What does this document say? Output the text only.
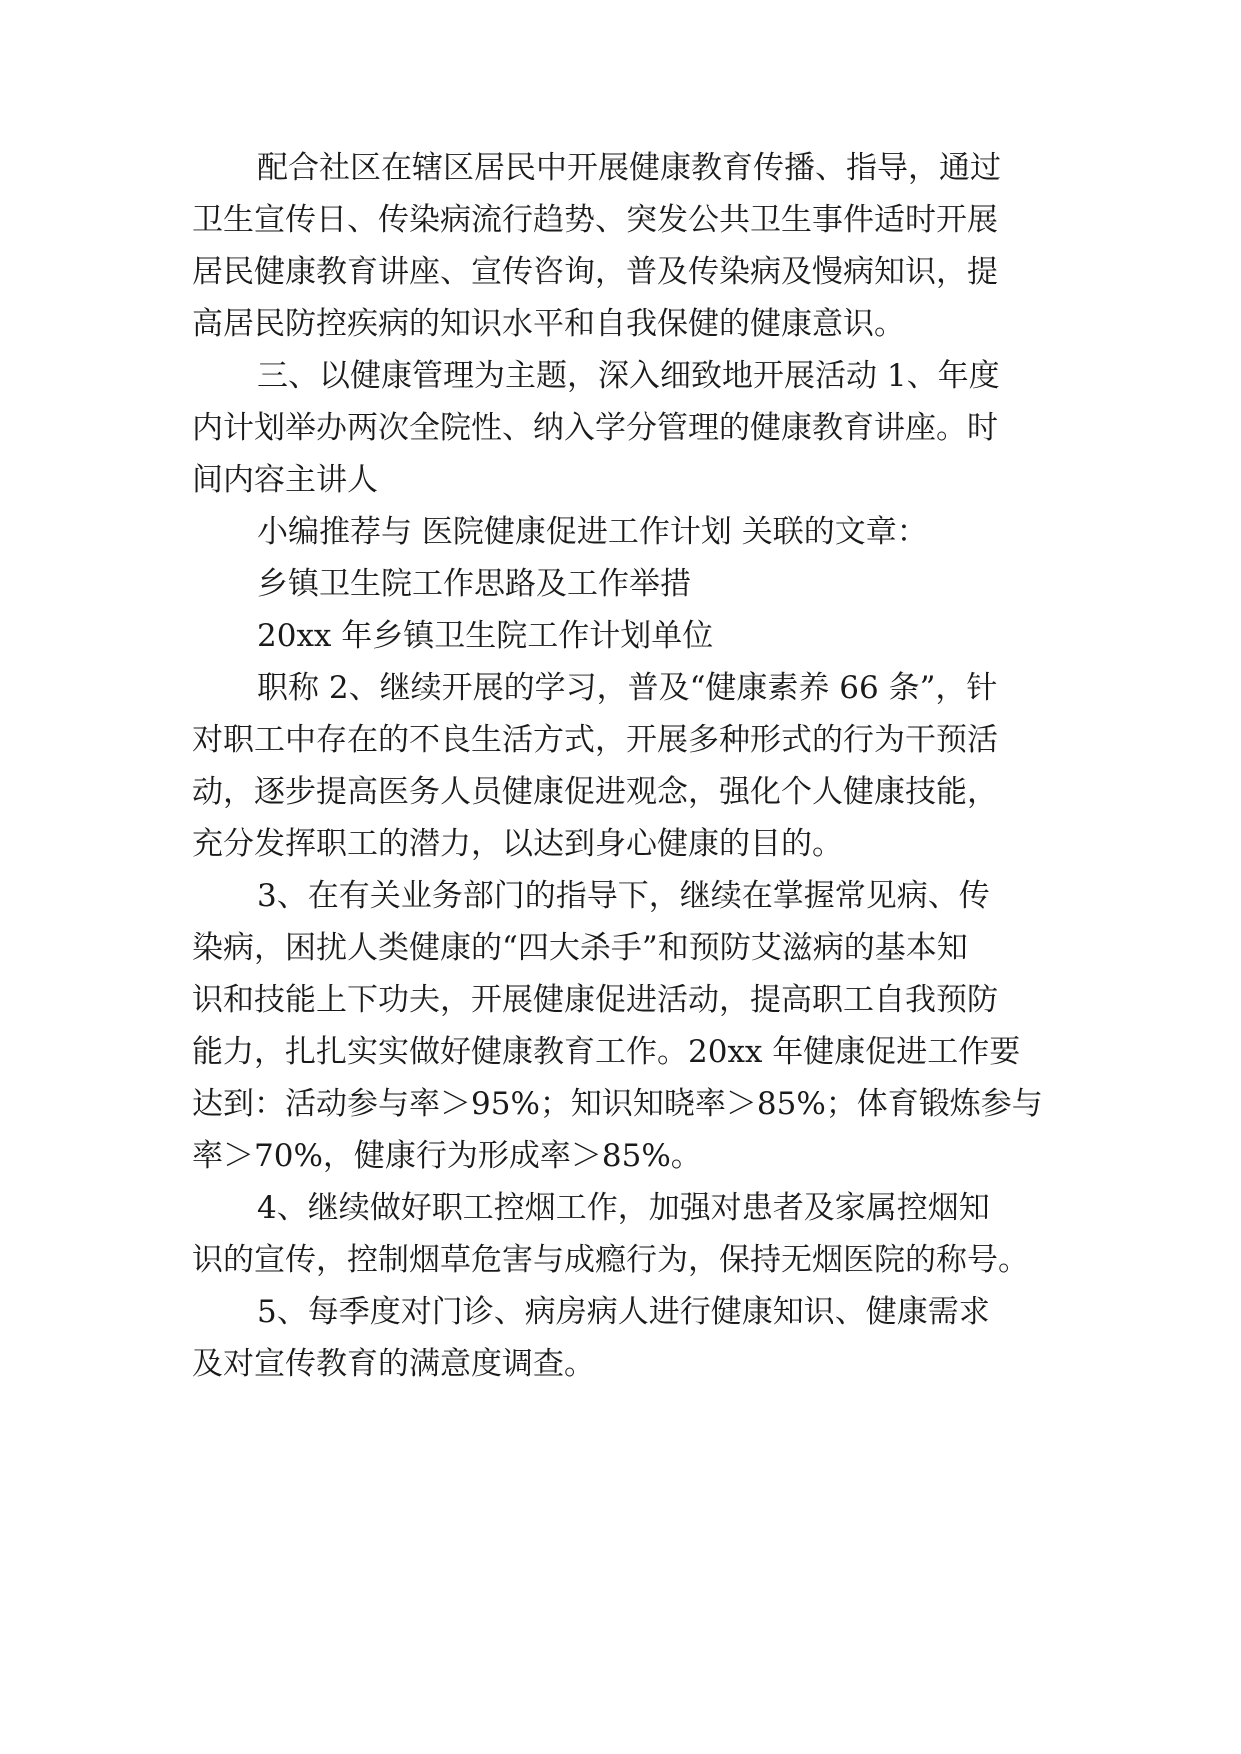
配合社区在辖区居民中开展健康教育传播、指导，通过
卫生宣传日、传染病流行趋势、突发公共卫生事件适时开展
居民健康教育讲座、宣传咨询，普及传染病及慢病知识，提
高居民防控疾病的知识水平和自我保健的健康意识。
三、以健康管理为主题，深入细致地开展活动 1、年度
内计划举办两次全院性、纳入学分管理的健康教育讲座。时
间内容主讲人
小编推荐与 医院健康促进工作计划 关联的文章：
乡镇卫生院工作思路及工作举措
20xx 年乡镇卫生院工作计划单位
职称 2、继续开展的学习，普及“健康素养 66 条”，针
对职工中存在的不良生活方式，开展多种形式的行为干预活
动，逐步提高医务人员健康促进观念，强化个人健康技能，
充分发挥职工的潜力，以达到身心健康的目的。
3、在有关业务部门的指导下，继续在掌握常见病、传
染病，困扰人类健康的“四大杀手”和预防艾滋病的基本知
识和技能上下功夫，开展健康促进活动，提高职工自我预防
能力，扎扎实实做好健康教育工作。20xx 年健康促进工作要
达到：活动参与率＞95%；知识知晓率＞85%；体育锻炼参与
率＞70%，健康行为形成率＞85%。
4、继续做好职工控烟工作，加强对患者及家属控烟知
识的宣传，控制烟草危害与成瘾行为，保持无烟医院的称号。
5、每季度对门诊、病房病人进行健康知识、健康需求
及对宣传教育的满意度调查。
